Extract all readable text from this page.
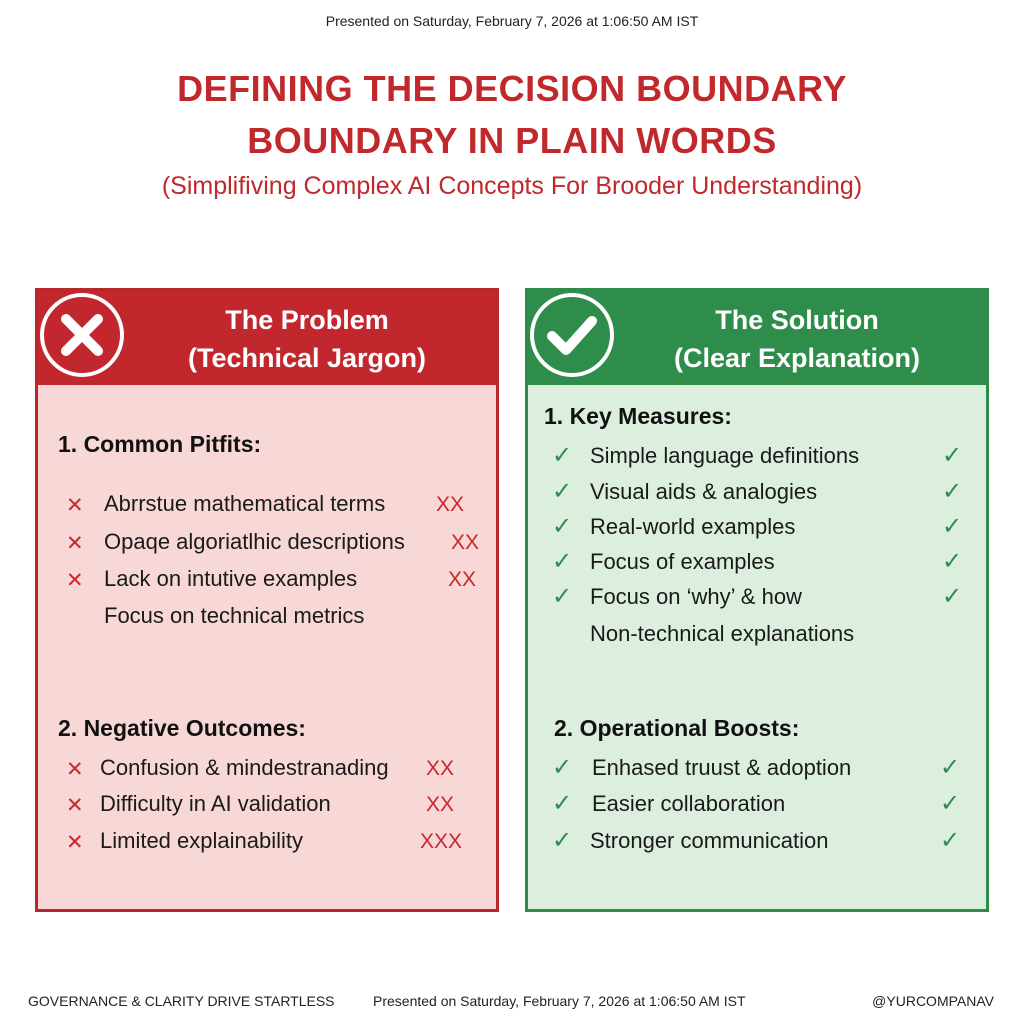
Presented on Saturday, February 7, 2026 at 1:06:50 AM IST
DEFINING THE DECISION BOUNDARY
BOUNDARY IN PLAIN WORDS
(Simplifiving Complex AI Concepts For Brooder Understanding)
The Problem
(Technical Jargon)
1. Common Pitfits:
✕ Abrrstue mathematical terms XX
✕ Opaqe algoriatlhic descriptions XX
✕ Lack on intutive examples	XX
Focus on technical metrics
2. Negative Outcomes:
✕ Confusion & mindestranading XX
✕ Difficulty in AI validation	XX
✕ Limited explainability	XXX
The Solution
(Clear Explanation)
1. Key Measures:
✓ Simple language definitions	✓
✓ Visual aids & analogies	✓
✓ Real-world examples	✓
✓ Focus of examples	✓
✓ Focus on ‘why’ & how	✓
Non-technical explanations
2. Operational Boosts:
✓ Enhased truust & adoption	✓
✓ Easier collaboration	✓
✓ Stronger communication	✓
GOVERNANCE & CLARITY DRIVE STARTLESS	Presented on Saturday, February 7, 2026 at 1:06:50 AM IST	@YURCOMPANAV
